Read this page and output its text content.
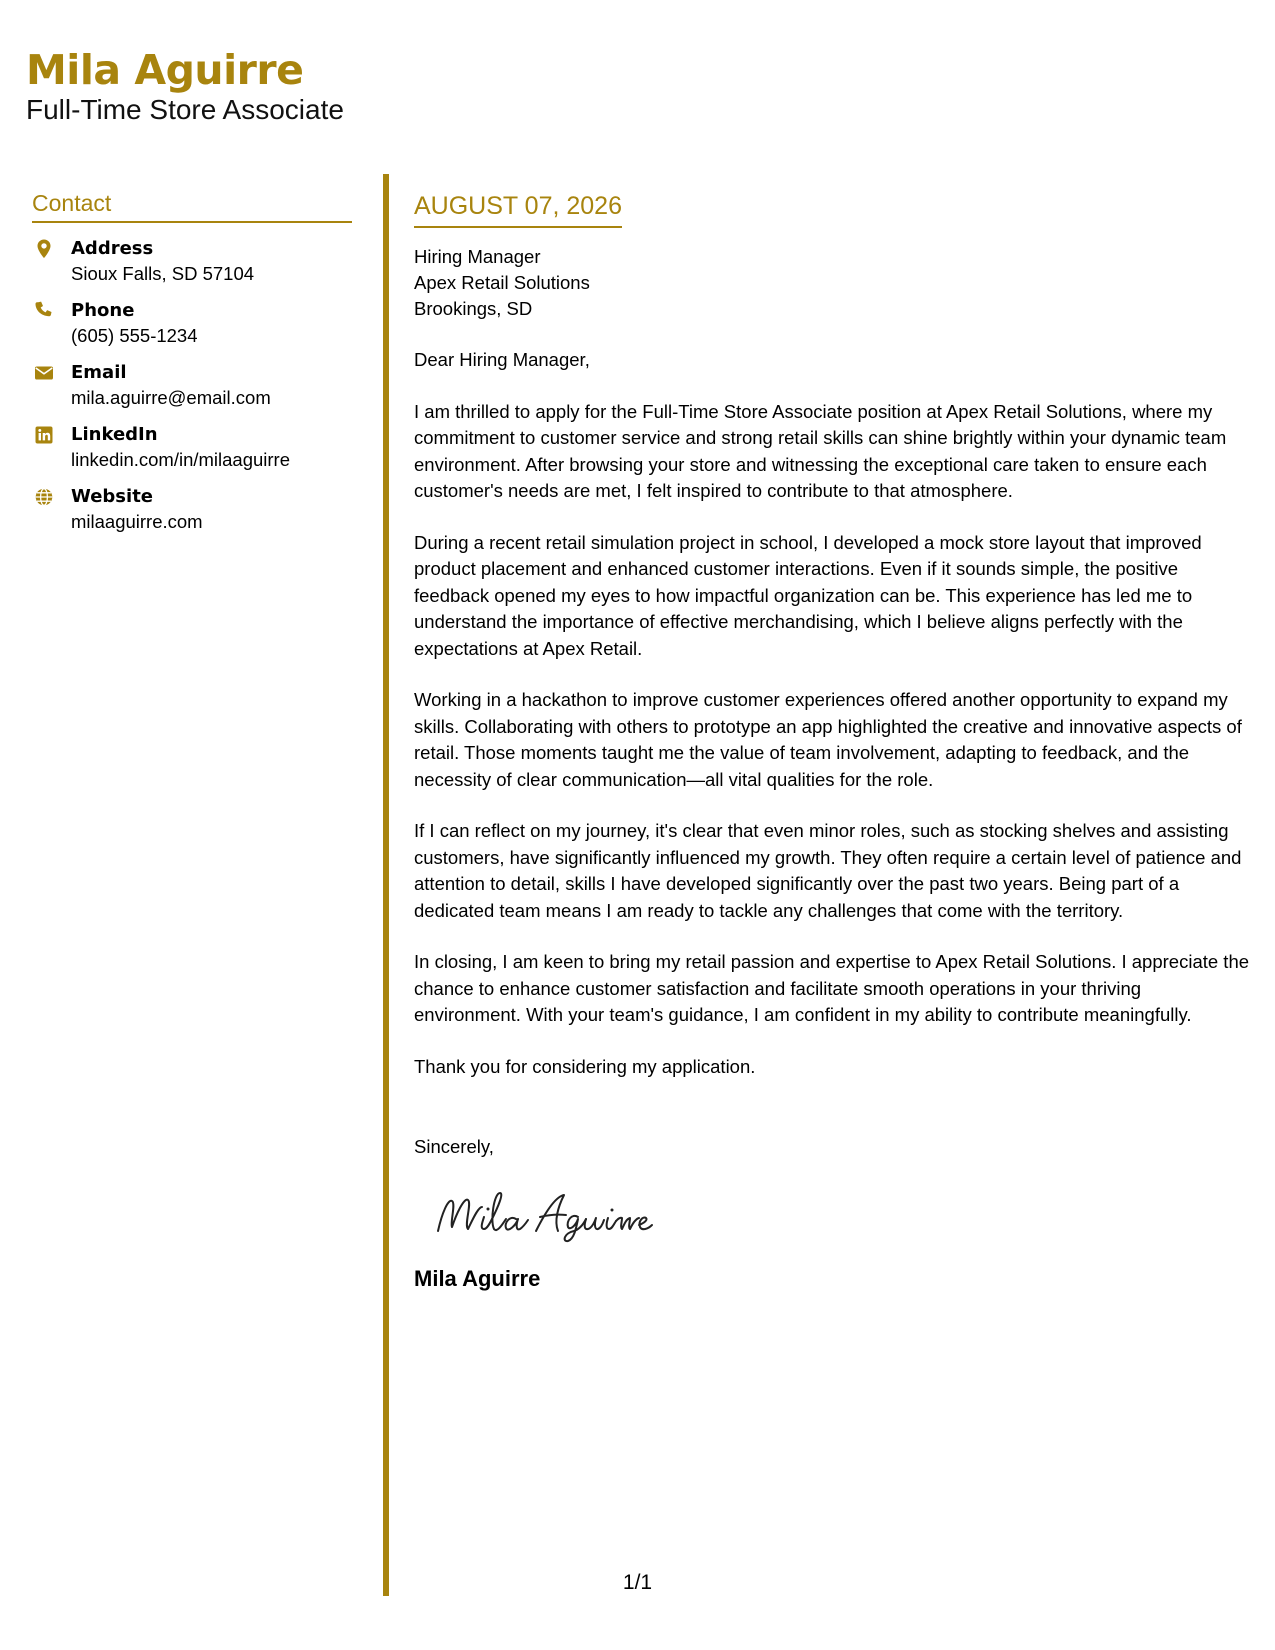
Mila Aguirre
Full-Time Store Associate
Contact
Address
Sioux Falls, SD 57104
Phone
(605) 555-1234
Email
mila.aguirre@email.com
LinkedIn
linkedin.com/in/milaaguirre
Website
milaaguirre.com
AUGUST 07, 2026
Hiring Manager
Apex Retail Solutions
Brookings, SD
Dear Hiring Manager,

I am thrilled to apply for the Full-Time Store Associate position at Apex Retail Solutions, where my commitment to customer service and strong retail skills can shine brightly within your dynamic team environment. After browsing your store and witnessing the exceptional care taken to ensure each customer's needs are met, I felt inspired to contribute to that atmosphere.

During a recent retail simulation project in school, I developed a mock store layout that improved product placement and enhanced customer interactions. Even if it sounds simple, the positive feedback opened my eyes to how impactful organization can be. This experience has led me to understand the importance of effective merchandising, which I believe aligns perfectly with the expectations at Apex Retail.

Working in a hackathon to improve customer experiences offered another opportunity to expand my skills. Collaborating with others to prototype an app highlighted the creative and innovative aspects of retail. Those moments taught me the value of team involvement, adapting to feedback, and the necessity of clear communication—all vital qualities for the role.

If I can reflect on my journey, it's clear that even minor roles, such as stocking shelves and assisting customers, have significantly influenced my growth. They often require a certain level of patience and attention to detail, skills I have developed significantly over the past two years. Being part of a dedicated team means I am ready to tackle any challenges that come with the territory.

In closing, I am keen to bring my retail passion and expertise to Apex Retail Solutions. I appreciate the chance to enhance customer satisfaction and facilitate smooth operations in your thriving environment. With your team's guidance, I am confident in my ability to contribute meaningfully.

Thank you for considering my application.

Sincerely,
Mila Aguirre
1/1
